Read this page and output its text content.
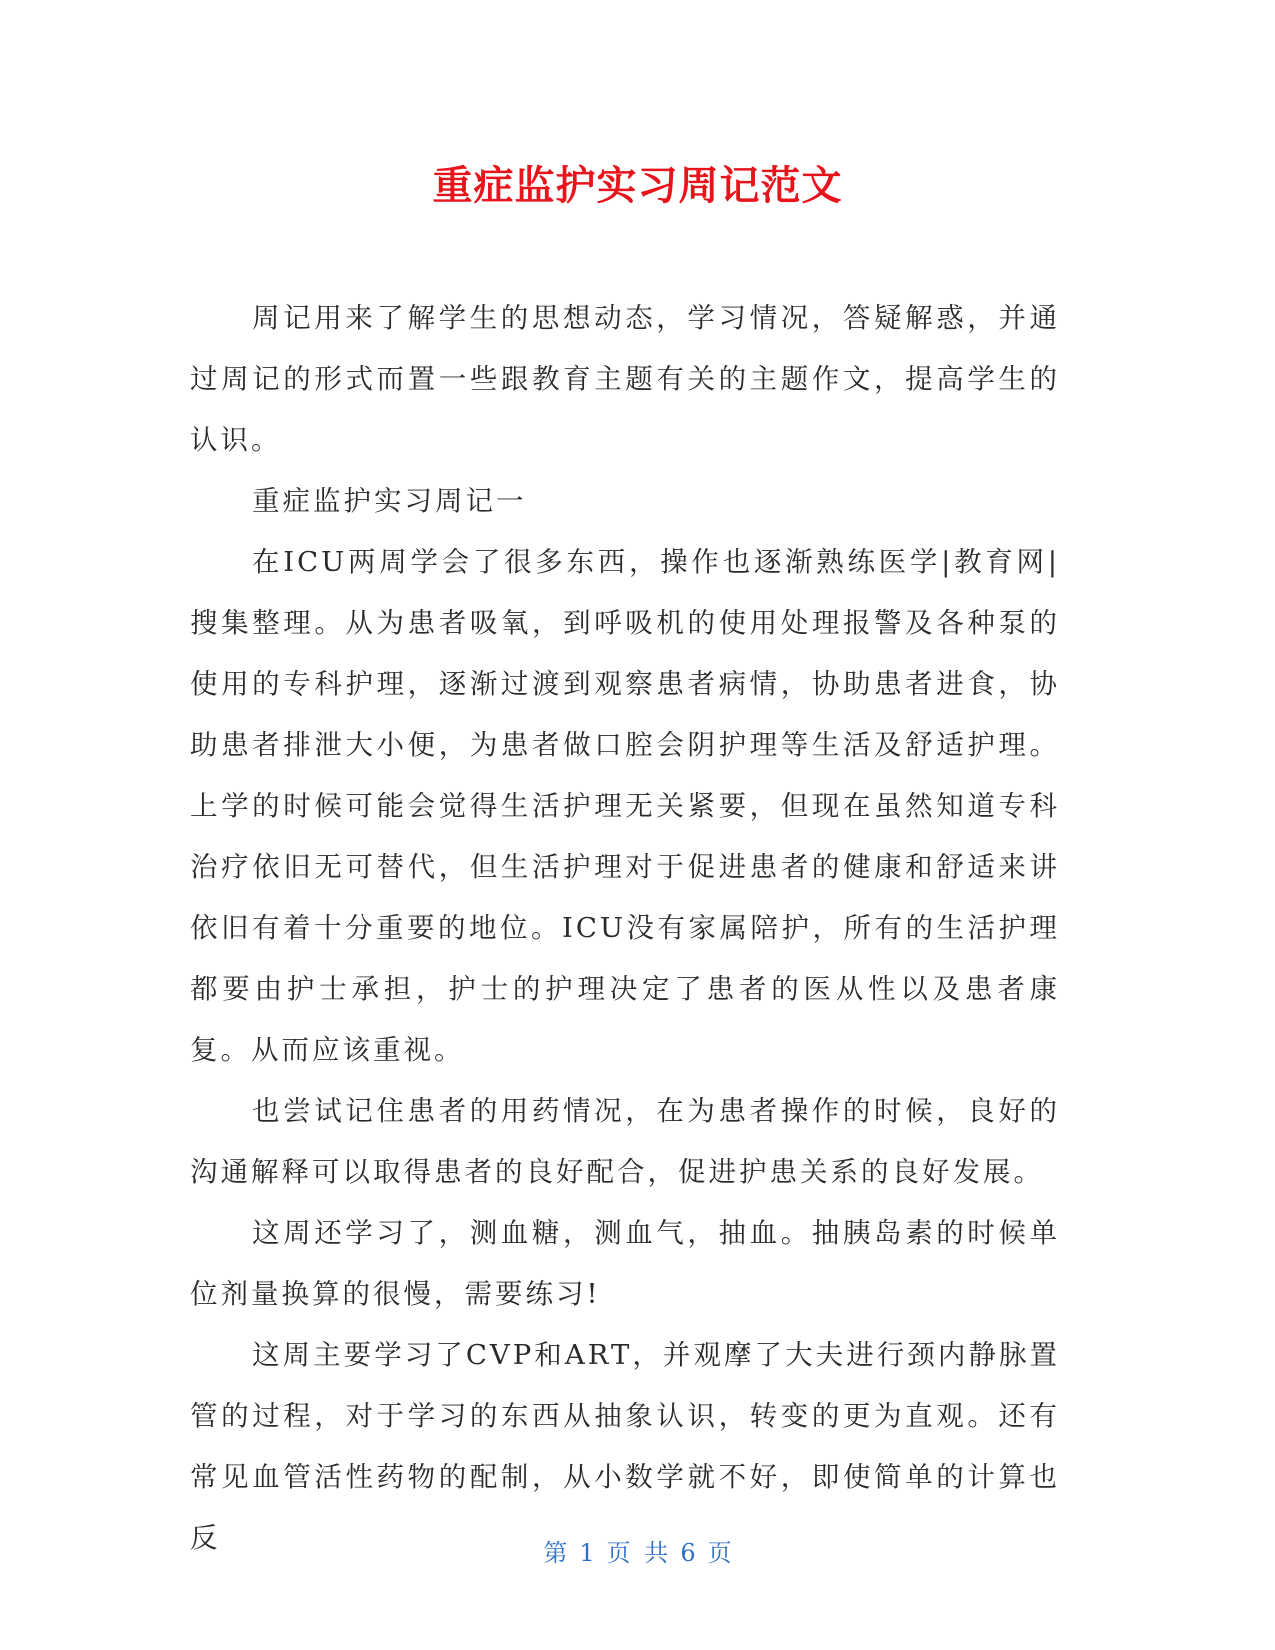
重症监护实习周记范文

周记用来了解学生的思想动态，学习情况，答疑解惑，并通过周记的形式而置一些跟教育主题有关的主题作文，提高学生的认识。

重症监护实习周记一

在ICU两周学会了很多东西，操作也逐渐熟练医学|教育网|搜集整理。从为患者吸氧，到呼吸机的使用处理报警及各种泵的使用的专科护理，逐渐过渡到观察患者病情，协助患者进食，协助患者排泄大小便，为患者做口腔会阴护理等生活及舒适护理。上学的时候可能会觉得生活护理无关紧要，但现在虽然知道专科治疗依旧无可替代，但生活护理对于促进患者的健康和舒适来讲依旧有着十分重要的地位。ICU没有家属陪护，所有的生活护理都要由护士承担，护士的护理决定了患者的医从性以及患者康复。从而应该重视。

也尝试记住患者的用药情况，在为患者操作的时候，良好的沟通解释可以取得患者的良好配合，促进护患关系的良好发展。

这周还学习了，测血糖，测血气，抽血。抽胰岛素的时候单位剂量换算的很慢，需要练习!

这周主要学习了CVP和ART，并观摩了大夫进行颈内静脉置管的过程，对于学习的东西从抽象认识，转变的更为直观。还有常见血管活性药物的配制，从小数学就不好，即使简单的计算也反	第 1 页 共 6 页
